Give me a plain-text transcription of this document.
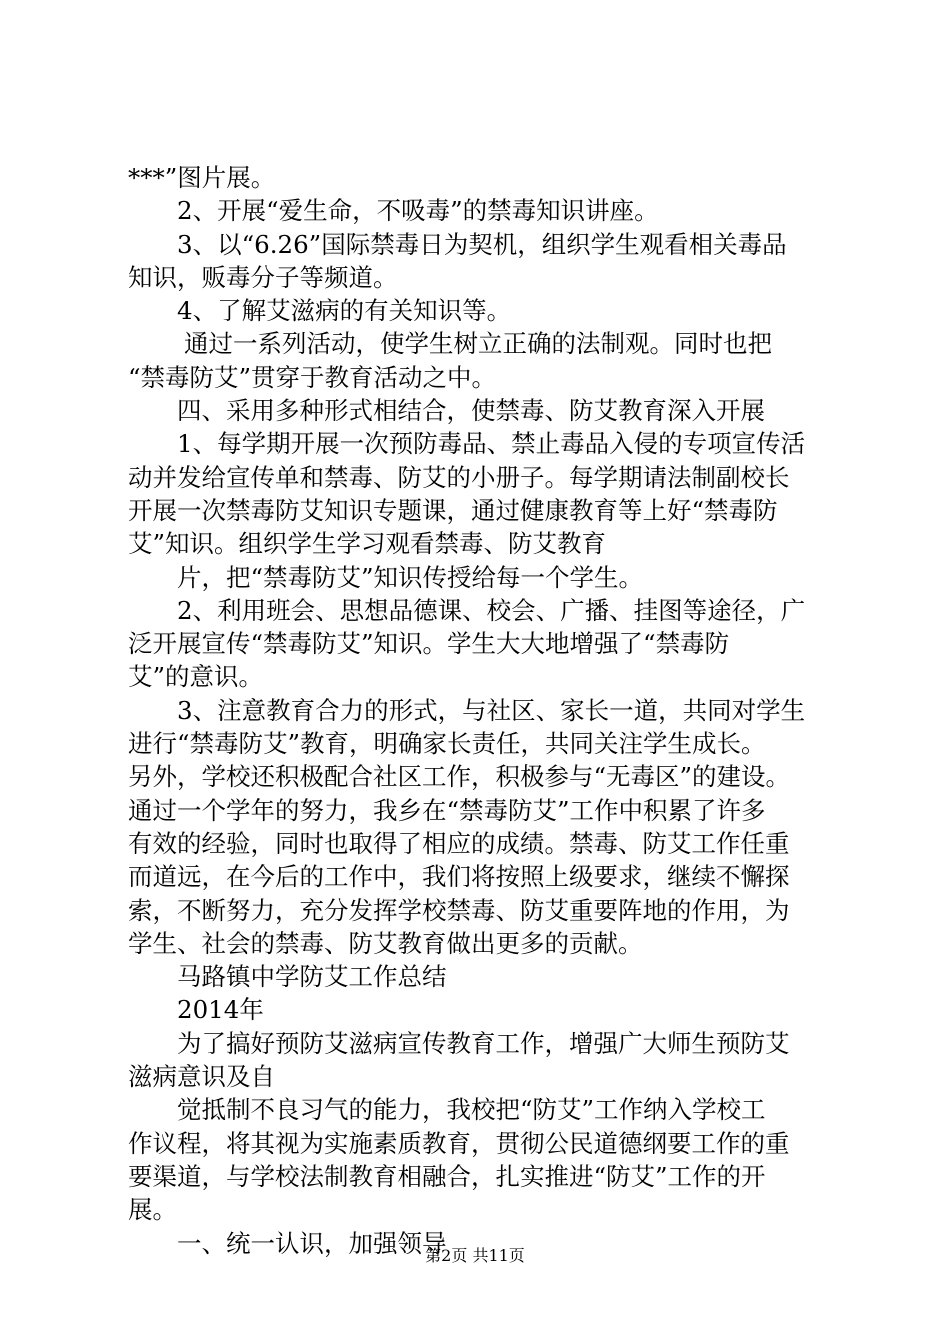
***”图片展。
2、开展“爱生命，不吸毒”的禁毒知识讲座。
3、以“6.26”国际禁毒日为契机，组织学生观看相关毒品
知识，贩毒分子等频道。
4、了解艾滋病的有关知识等。
通过一系列活动，使学生树立正确的法制观。同时也把
“禁毒防艾”贯穿于教育活动之中。
四、采用多种形式相结合，使禁毒、防艾教育深入开展
1、每学期开展一次预防毒品、禁止毒品入侵的专项宣传活
动并发给宣传单和禁毒、防艾的小册子。每学期请法制副校长
开展一次禁毒防艾知识专题课，通过健康教育等上好“禁毒防
艾”知识。组织学生学习观看禁毒、防艾教育
片，把“禁毒防艾”知识传授给每一个学生。
2、利用班会、思想品德课、校会、广播、挂图等途径，广
泛开展宣传“禁毒防艾”知识。学生大大地增强了“禁毒防
艾”的意识。
3、注意教育合力的形式，与社区、家长一道，共同对学生
进行“禁毒防艾”教育，明确家长责任，共同关注学生成长。
另外，学校还积极配合社区工作，积极参与“无毒区”的建设。
通过一个学年的努力，我乡在“禁毒防艾”工作中积累了许多
有效的经验，同时也取得了相应的成绩。禁毒、防艾工作任重
而道远，在今后的工作中，我们将按照上级要求，继续不懈探
索，不断努力，充分发挥学校禁毒、防艾重要阵地的作用，为
学生、社会的禁毒、防艾教育做出更多的贡献。
马路镇中学防艾工作总结
2014年
为了搞好预防艾滋病宣传教育工作，增强广大师生预防艾
滋病意识及自
觉抵制不良习气的能力，我校把“防艾”工作纳入学校工
作议程，将其视为实施素质教育，贯彻公民道德纲要工作的重
要渠道，与学校法制教育相融合，扎实推进“防艾”工作的开
展。
一、统一认识，加强领导
第2页 共11页
